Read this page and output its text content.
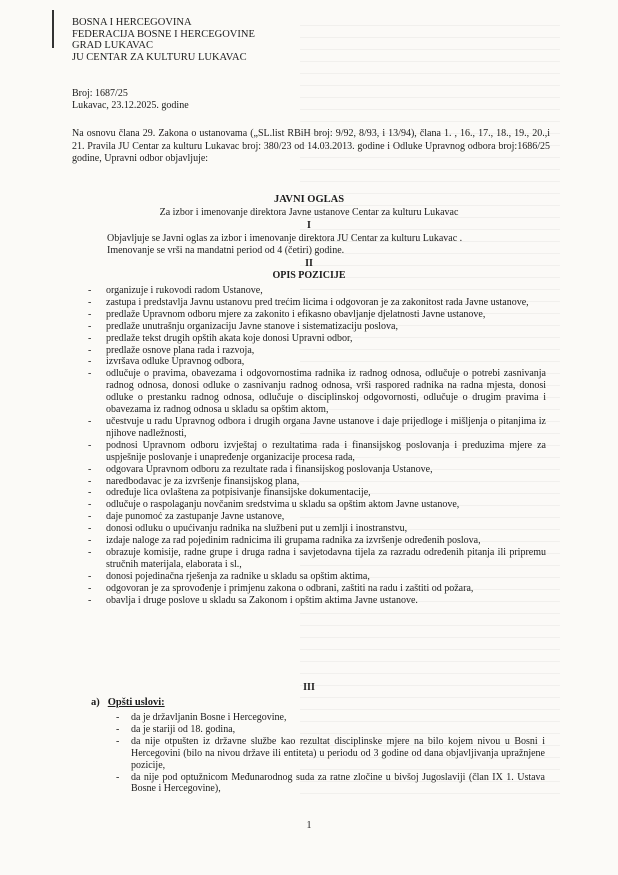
BOSNA I HERCEGOVINA
FEDERACIJA BOSNE I HERCEGOVINE
GRAD LUKAVAC
JU CENTAR ZA KULTURU LUKAVAC
Broj: 1687/25
Lukavac, 23.12.2025. godine
Na osnovu člana 29. Zakona o ustanovama („SL.list RBiH broj: 9/92, 8/93, i 13/94), člana 1. , 16., 17., 18., 19., 20.,i 21. Pravila JU Centar za kulturu Lukavac broj: 380/23 od 14.03.2013. godine i Odluke Upravnog odbora broj:1686/25 godine, Upravni odbor objavljuje:
JAVNI OGLAS
Za izbor i imenovanje direktora Javne ustanove Centar za kulturu Lukavac
I
Objavljuje se Javni oglas za izbor i imenovanje direktora JU Centar za kulturu Lukavac .
Imenovanje se vrši na mandatni period od 4 (četiri) godine.
II
OPIS POZICIJE
- organizuje i rukovodi radom Ustanove,
- zastupa i predstavlja Javnu ustanovu pred trećim licima i odgovoran je za zakonitost rada Javne ustanove,
- predlaže Upravnom odboru mjere za zakonito i efikasno obavljanje djelatnosti Javne ustanove,
- predlaže unutrašnju organizaciju Javne stanove i sistematizaciju poslova,
- predlaže tekst drugih opštih akata koje donosi Upravni odbor,
- predlaže osnove plana rada i razvoja,
- izvršava odluke Upravnog odbora,
- odlučuje o pravima, obavezama i odgovornostima radnika iz radnog odnosa, odlučuje o potrebi zasnivanja radnog odnosa, donosi odluke o zasnivanju radnog odnosa, vrši raspored radnika na radna mjesta, donosi odluke o prestanku radnog odnosa, odlučuje o disciplinskoj odgovornosti, odlučuje o drugim pravima i obavezama iz radnog odnosa u skladu sa opštim aktom,
- učestvuje u radu Upravnog odbora i drugih organa Javne ustanove i daje prijedloge i mišljenja o pitanjima iz njihove nadležnosti,
- podnosi Upravnom odboru izvještaj o rezultatima rada i finansijskog poslovanja i preduzima mjere za uspješnije poslovanje i unapređenje organizacije procesa rada,
- odgovara Upravnom odboru za rezultate rada i finansijskog poslovanja Ustanove,
- naredbodavac je za izvršenje finansijskog plana,
- određuje lica ovlaštena za potpisivanje finansijske dokumentacije,
- odlučuje o raspolaganju novčanim sredstvima u skladu sa opštim aktom Javne ustanove,
- daje punomoć za zastupanje Javne ustanove,
- donosi odluku o upućivanju radnika na službeni put u zemlji i inostranstvu,
- izdaje naloge za rad pojedinim radnicima ili grupama radnika za izvršenje određenih poslova,
- obrazuje komisije, radne grupe i druga radna i savjetodavna tijela za razradu određenih pitanja ili pripremu stručnih materijala, elaborata i sl.,
- donosi pojedinačna rješenja za radnike u skladu sa opštim aktima,
- odgovoran je za sprovođenje i primjenu zakona o odbrani, zaštiti na radu i zaštiti od požara,
- obavlja i druge poslove u skladu sa Zakonom i opštim aktima Javne ustanove.
III
a) Opšti uslovi:
- da je državljanin Bosne i Hercegovine,
- da je stariji od 18. godina,
- da nije otpušten iz državne službe kao rezultat disciplinske mjere na bilo kojem nivou u Bosni i Hercegovini (bilo na nivou države ili entiteta) u periodu od 3 godine od dana objavljivanja upražnjene pozicije,
- da nije pod optužnicom Međunarodnog suda za ratne zločine u bivšoj Jugoslaviji (član IX 1. Ustava Bosne i Hercegovine),
1
